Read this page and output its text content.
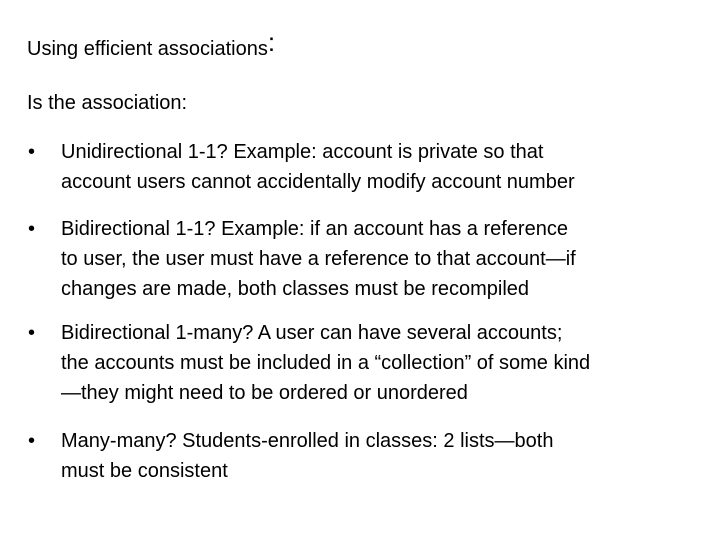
Using efficient associations:
Is the association:
• Unidirectional 1-1? Example: account is private so that
account users cannot accidentally modify account number
• Bidirectional 1-1? Example: if an account has a reference
to user, the user must have a reference to that account—if
changes are made, both classes must be recompiled
• Bidirectional 1-many? A user can have several accounts;
the accounts must be included in a “collection” of some kind
—they might need to be ordered or unordered
• Many-many? Students-enrolled in classes: 2 lists—both
must be consistent
